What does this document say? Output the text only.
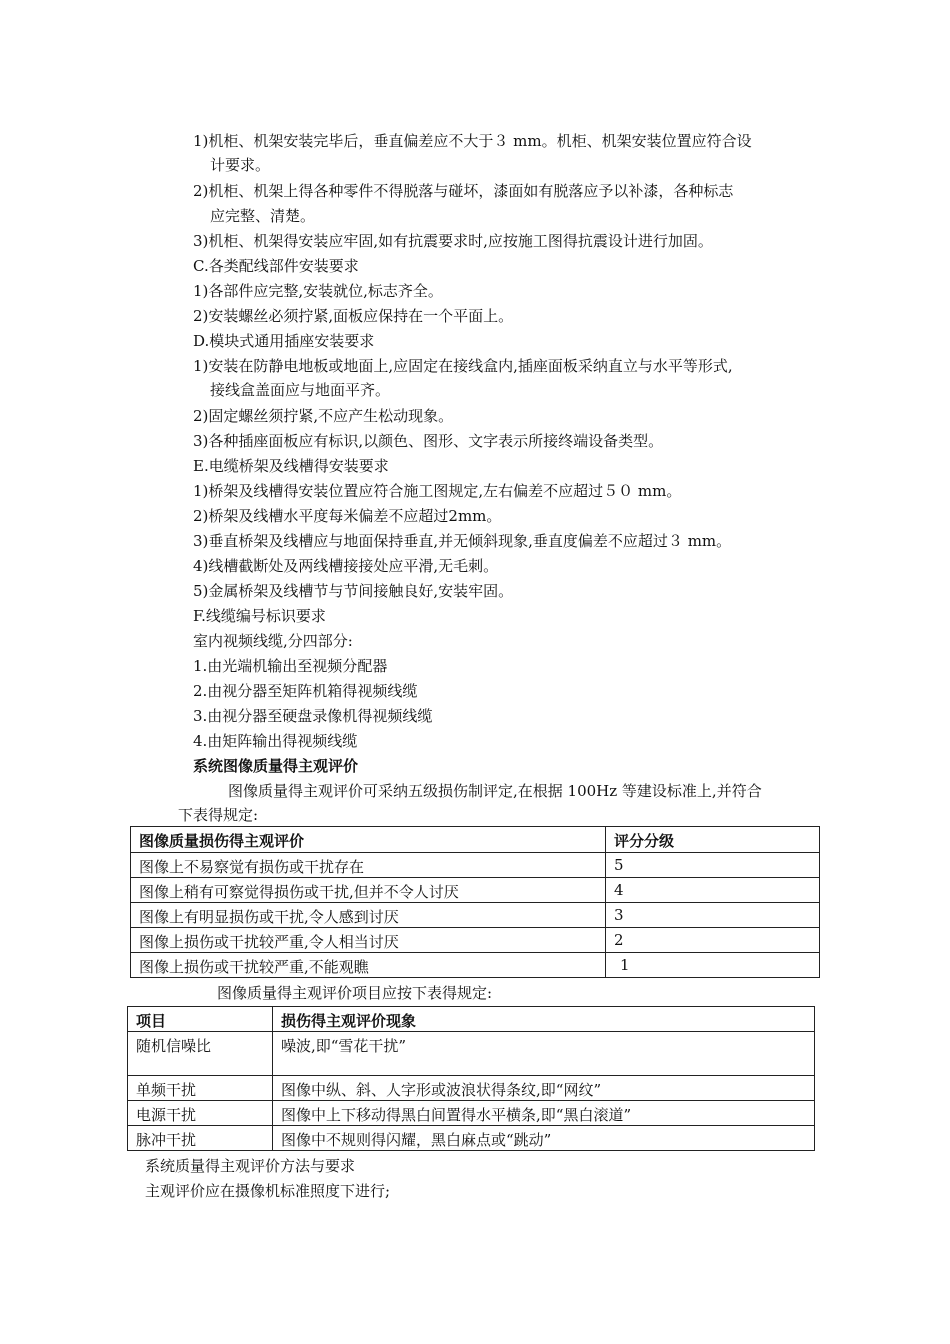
1)机柜、机架安装完毕后，垂直偏差应不大于３ mm。机柜、机架安装位置应符合设
计要求。
2)机柜、机架上得各种零件不得脱落与碰坏，漆面如有脱落应予以补漆，各种标志
应完整、清楚。
3)机柜、机架得安装应牢固,如有抗震要求时,应按施工图得抗震设计进行加固。
C.各类配线部件安装要求
1)各部件应完整,安装就位,标志齐全。
2)安装螺丝必须拧紧,面板应保持在一个平面上。
D.模块式通用插座安装要求
1)安装在防静电地板或地面上,应固定在接线盒内,插座面板采纳直立与水平等形式,
接线盒盖面应与地面平齐。
2)固定螺丝须拧紧,不应产生松动现象。
3)各种插座面板应有标识,以颜色、图形、文字表示所接终端设备类型。
E.电缆桥架及线槽得安装要求
1)桥架及线槽得安装位置应符合施工图规定,左右偏差不应超过５０ mm。
2)桥架及线槽水平度每米偏差不应超过2mm。
3)垂直桥架及线槽应与地面保持垂直,并无倾斜现象,垂直度偏差不应超过３ mm。
4)线槽截断处及两线槽接接处应平滑,无毛刺。
5)金属桥架及线槽节与节间接触良好,安装牢固。
F.线缆编号标识要求
室内视频线缆,分四部分:
1.由光端机输出至视频分配器
2.由视分器至矩阵机箱得视频线缆
3.由视分器至硬盘录像机得视频线缆
4.由矩阵输出得视频线缆
系统图像质量得主观评价
图像质量得主观评价可采纳五级损伤制评定,在根据 100Hz 等建设标准上,并符合
下表得规定:
图像质量损伤得主观评价	评分分级
图像上不易察觉有损伤或干扰存在	5
图像上稍有可察觉得损伤或干扰,但并不令人讨厌	4
图像上有明显损伤或干扰,令人感到讨厌	3
图像上损伤或干扰较严重,令人相当讨厌	2
图像上损伤或干扰较严重,不能观瞧	1
图像质量得主观评价项目应按下表得规定:
项目	损伤得主观评价现象
随机信噪比	噪波,即“雪花干扰”
单频干扰	图像中纵、斜、人字形或波浪状得条纹,即“网纹”
电源干扰	图像中上下移动得黑白间置得水平横条,即“黑白滚道”
脉冲干扰	图像中不规则得闪耀，黑白麻点或“跳动”
系统质量得主观评价方法与要求
主观评价应在摄像机标准照度下进行;
